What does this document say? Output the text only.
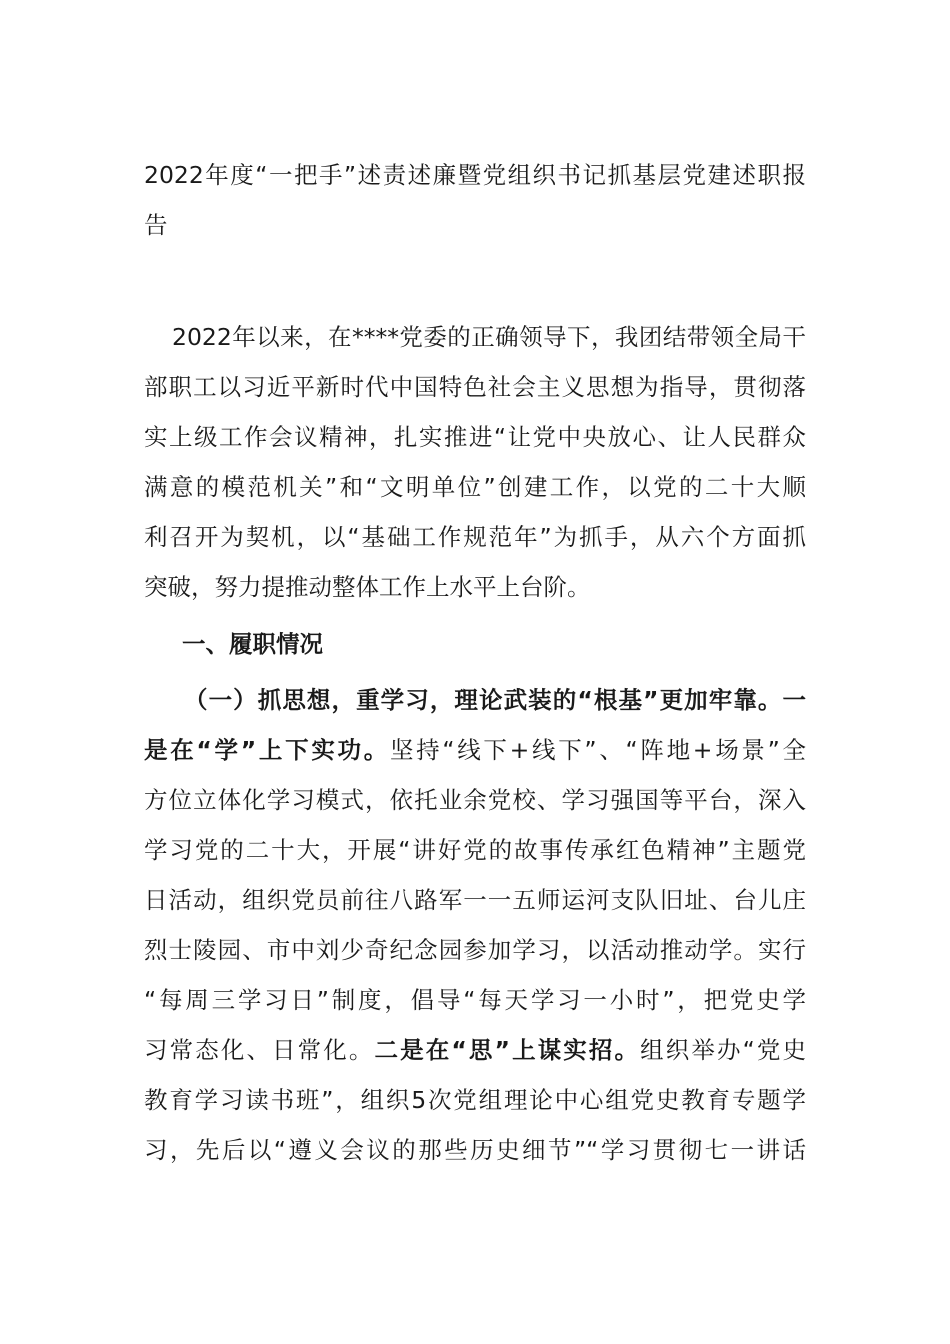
2022年度“一把手”述责述廉暨党组织书记抓基层党建述职报
告
2022年以来，在****党委的正确领导下，我团结带领全局干
部职工以习近平新时代中国特色社会主义思想为指导，贯彻落
实上级工作会议精神，扎实推进“让党中央放心、让人民群众
满意的模范机关”和“文明单位”创建工作，以党的二十大顺
利召开为契机，以“基础工作规范年”为抓手，从六个方面抓
突破，努力提推动整体工作上水平上台阶。
一、履职情况
（一）抓思想，重学习，理论武装的“根基”更加牢靠。一
是在“学”上下实功。坚持“线下+线下”、“阵地+场景”全
方位立体化学习模式，依托业余党校、学习强国等平台，深入
学习党的二十大，开展“讲好党的故事传承红色精神”主题党
日活动，组织党员前往八路军一一五师运河支队旧址、台儿庄
烈士陵园、市中刘少奇纪念园参加学习，以活动推动学。实行
“每周三学习日”制度，倡导“每天学习一小时”，把党史学
习常态化、日常化。二是在“思”上谋实招。组织举办“党史
教育学习读书班”，组织5次党组理论中心组党史教育专题学
习，先后以“遵义会议的那些历史细节”“学习贯彻七一讲话
